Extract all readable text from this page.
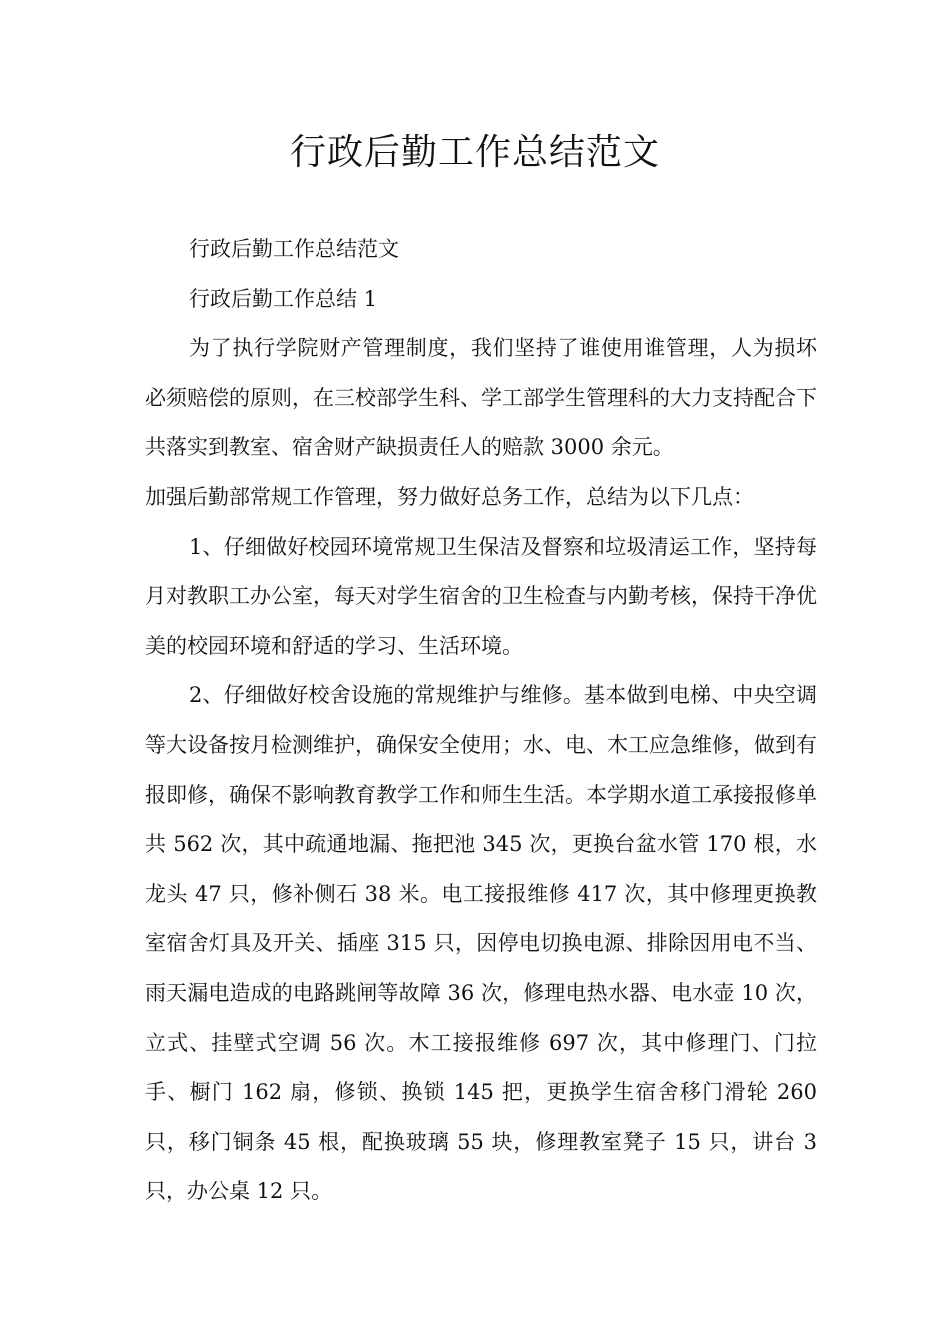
行政后勤工作总结范文

行政后勤工作总结范文

行政后勤工作总结 1

为了执行学院财产管理制度，我们坚持了谁使用谁管理，人为损坏必须赔偿的原则，在三校部学生科、学工部学生管理科的大力支持配合下共落实到教室、宿舍财产缺损责任人的赔款 3000 余元。

加强后勤部常规工作管理，努力做好总务工作，总结为以下几点：

1、仔细做好校园环境常规卫生保洁及督察和垃圾清运工作，坚持每月对教职工办公室，每天对学生宿舍的卫生检查与内勤考核，保持干净优美的校园环境和舒适的学习、生活环境。

2、仔细做好校舍设施的常规维护与维修。基本做到电梯、中央空调等大设备按月检测维护，确保安全使用；水、电、木工应急维修，做到有报即修，确保不影响教育教学工作和师生生活。本学期水道工承接报修单共 562 次，其中疏通地漏、拖把池 345 次，更换台盆水管 170 根，水龙头 47 只，修补侧石 38 米。电工接报维修 417 次，其中修理更换教室宿舍灯具及开关、插座 315 只，因停电切换电源、排除因用电不当、雨天漏电造成的电路跳闸等故障 36 次，修理电热水器、电水壶 10 次，立式、挂壁式空调 56 次。木工接报维修 697 次，其中修理门、门拉手、橱门 162 扇，修锁、换锁 145 把，更换学生宿舍移门滑轮 260 只，移门铜条 45 根，配换玻璃 55 块，修理教室凳子 15 只，讲台 3 只，办公桌 12 只。
